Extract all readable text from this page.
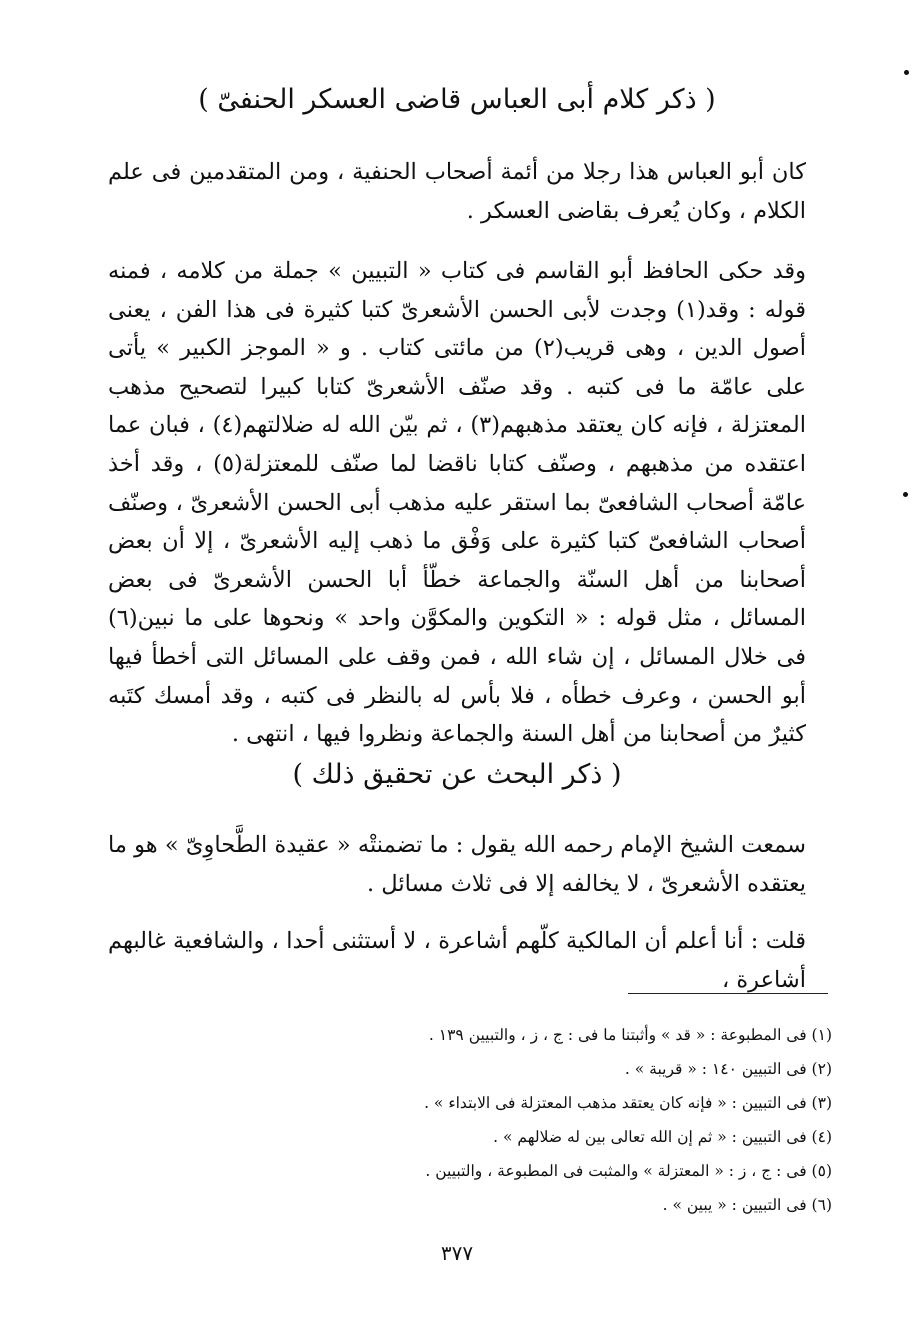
( ذكر كلام أبى العباس قاضى العسكر الحنفىّ )

كان أبو العباس هذا رجلا من أئمة أصحاب الحنفية ، ومن المتقدمين فى علم الكلام ، وكان يُعرف بقاضى العسكر .

وقد حكى الحافظ أبو القاسم فى كتاب « التبيين » جملة من كلامه ، فمنه قوله : وقد(١) وجدت لأبى الحسن الأشعرىّ كتبا كثيرة فى هذا الفن ، يعنى أصول الدين ، وهى قريب(٢) من مائتى كتاب . و « الموجز الكبير » يأتى على عامّة ما فى كتبه . وقد صنّف الأشعرىّ كتابا كبيرا لتصحيح مذهب المعتزلة ، فإنه كان يعتقد مذهبهم(٣) ، ثم بيّن الله له ضلالتهم(٤) ، فبان عما اعتقده من مذهبهم ، وصنّف كتابا ناقضا لما صنّف للمعتزلة(٥) ، وقد أخذ عامّة أصحاب الشافعىّ بما استقر عليه مذهب أبى الحسن الأشعرىّ ، وصنّف أصحاب الشافعىّ كتبا كثيرة على وَفْق ما ذهب إليه الأشعرىّ ، إلا أن بعض أصحابنا من أهل السنّة والجماعة خطّأ أبا الحسن الأشعرىّ فى بعض المسائل ، مثل قوله : « التكوين والمكوَّن واحد » ونحوها على ما نبين(٦) فى خلال المسائل ، إن شاء الله ، فمن وقف على المسائل التى أخطأ فيها أبو الحسن ، وعرف خطأه ، فلا بأس له بالنظر فى كتبه ، وقد أمسك كتَبه كثيرٌ من أصحابنا من أهل السنة والجماعة ونظروا فيها ، انتهى .

( ذكر البحث عن تحقيق ذلك )

سمعت الشيخ الإمام رحمه الله يقول : ما تضمنتْه « عقيدة الطَّحاوِىّ » هو ما يعتقده الأشعرىّ ، لا يخالفه إلا فى ثلاث مسائل .

قلت : أنا أعلم أن المالكية كلّهم أشاعرة ، لا أستثنى أحدا ، والشافعية غالبهم أشاعرة ،

(١) فى المطبوعة : « قد » وأثبتنا ما فى : ج ، ز ، والتبيين ١٣٩ .
(٢) فى التبيين ١٤٠ : « قريبة » .
(٣) فى التبيين : « فإنه كان يعتقد مذهب المعتزلة فى الابتداء » .
(٤) فى التبيين : « ثم إن الله تعالى بين له ضلالهم » .
(٥) فى : ج ، ز : « المعتزلة » والمثبت فى المطبوعة ، والتبيين .
(٦) فى التبيين : « يبين » .
٣٧٧
